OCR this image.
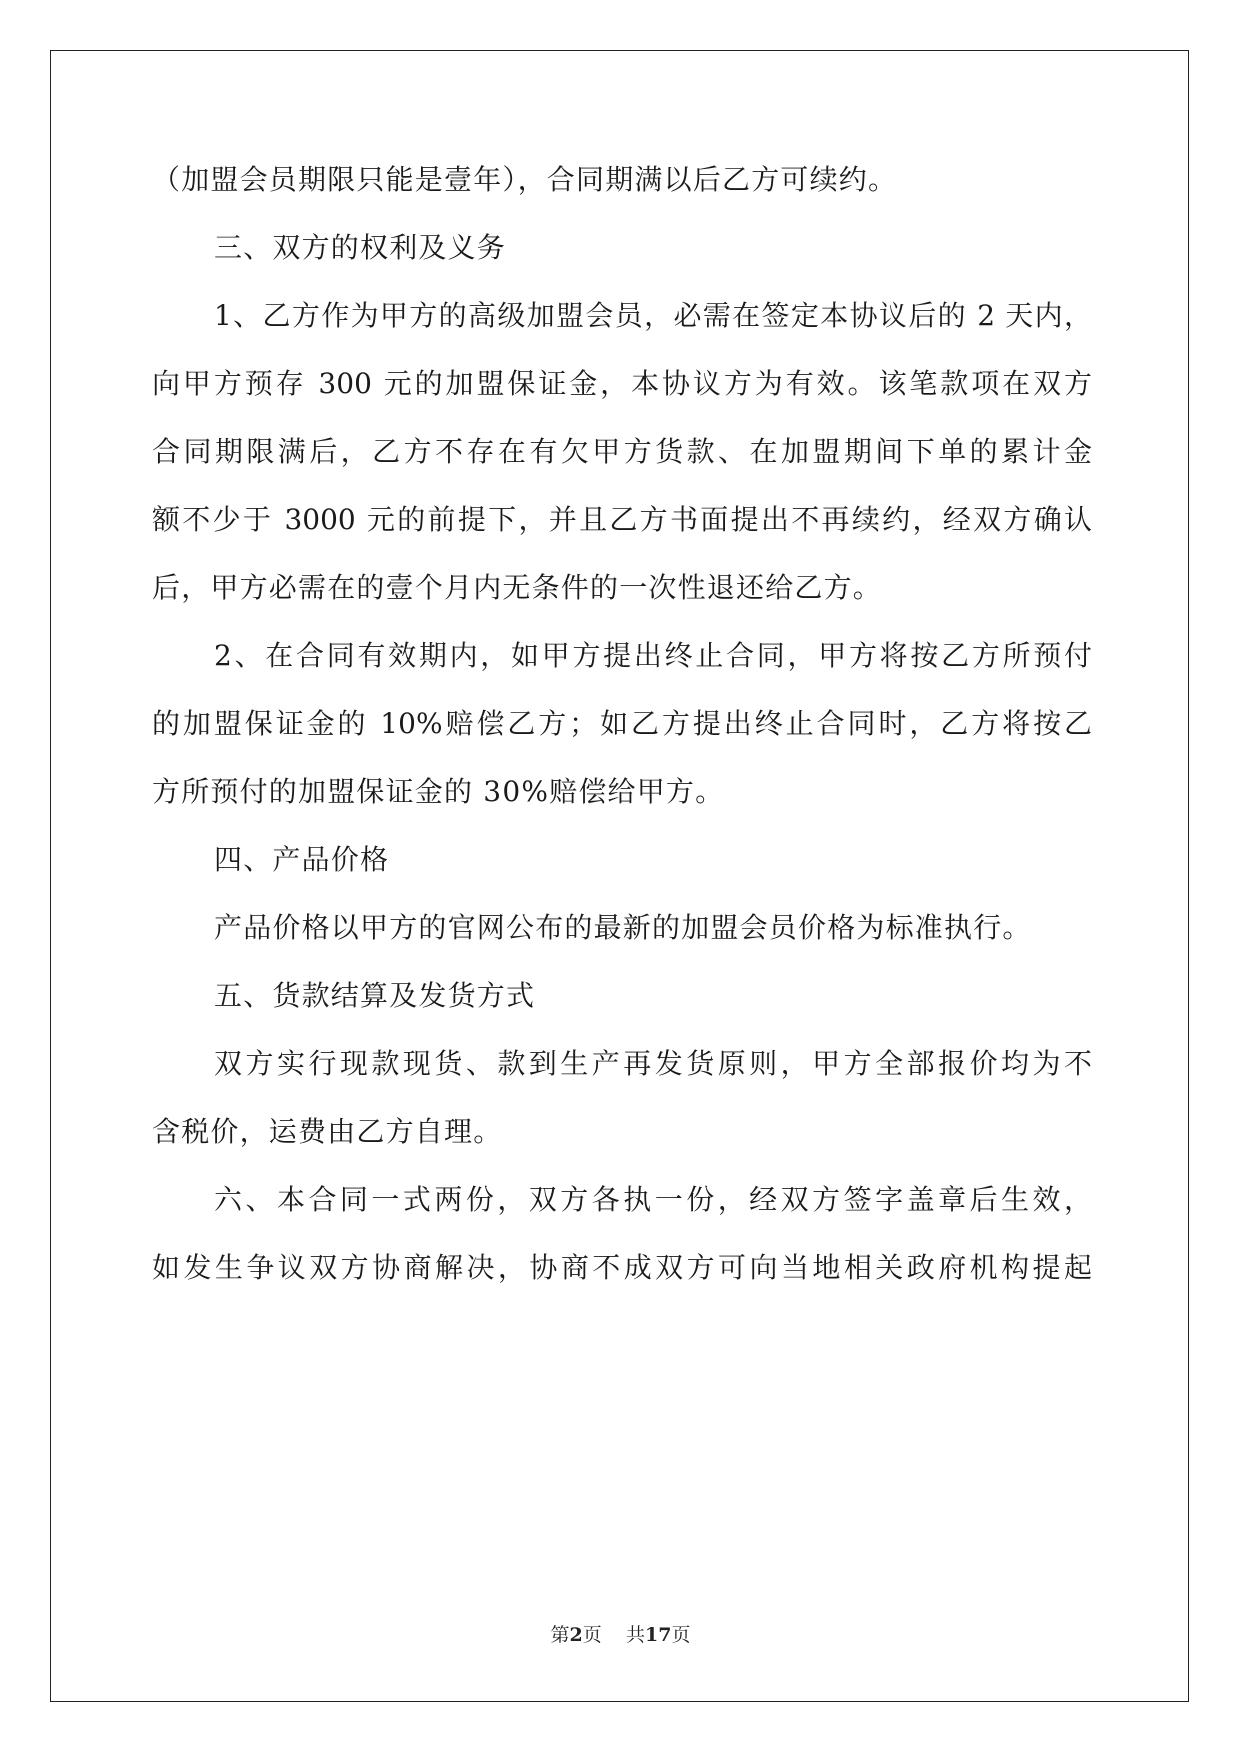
（加盟会员期限只能是壹年），合同期满以后乙方可续约。
三、双方的权利及义务
1、乙方作为甲方的高级加盟会员，必需在签定本协议后的 2 天内，
向甲方预存 300 元的加盟保证金，本协议方为有效。该笔款项在双方
合同期限满后，乙方不存在有欠甲方货款、在加盟期间下单的累计金
额不少于 3000 元的前提下，并且乙方书面提出不再续约，经双方确认
后，甲方必需在的壹个月内无条件的一次性退还给乙方。
2、在合同有效期内，如甲方提出终止合同，甲方将按乙方所预付
的加盟保证金的 10%赔偿乙方；如乙方提出终止合同时，乙方将按乙
方所预付的加盟保证金的 30%赔偿给甲方。
四、产品价格
产品价格以甲方的官网公布的最新的加盟会员价格为标准执行。
五、货款结算及发货方式
双方实行现款现货、款到生产再发货原则，甲方全部报价均为不
含税价，运费由乙方自理。
六、本合同一式两份，双方各执一份，经双方签字盖章后生效，
如发生争议双方协商解决，协商不成双方可向当地相关政府机构提起
第2页 共17页
